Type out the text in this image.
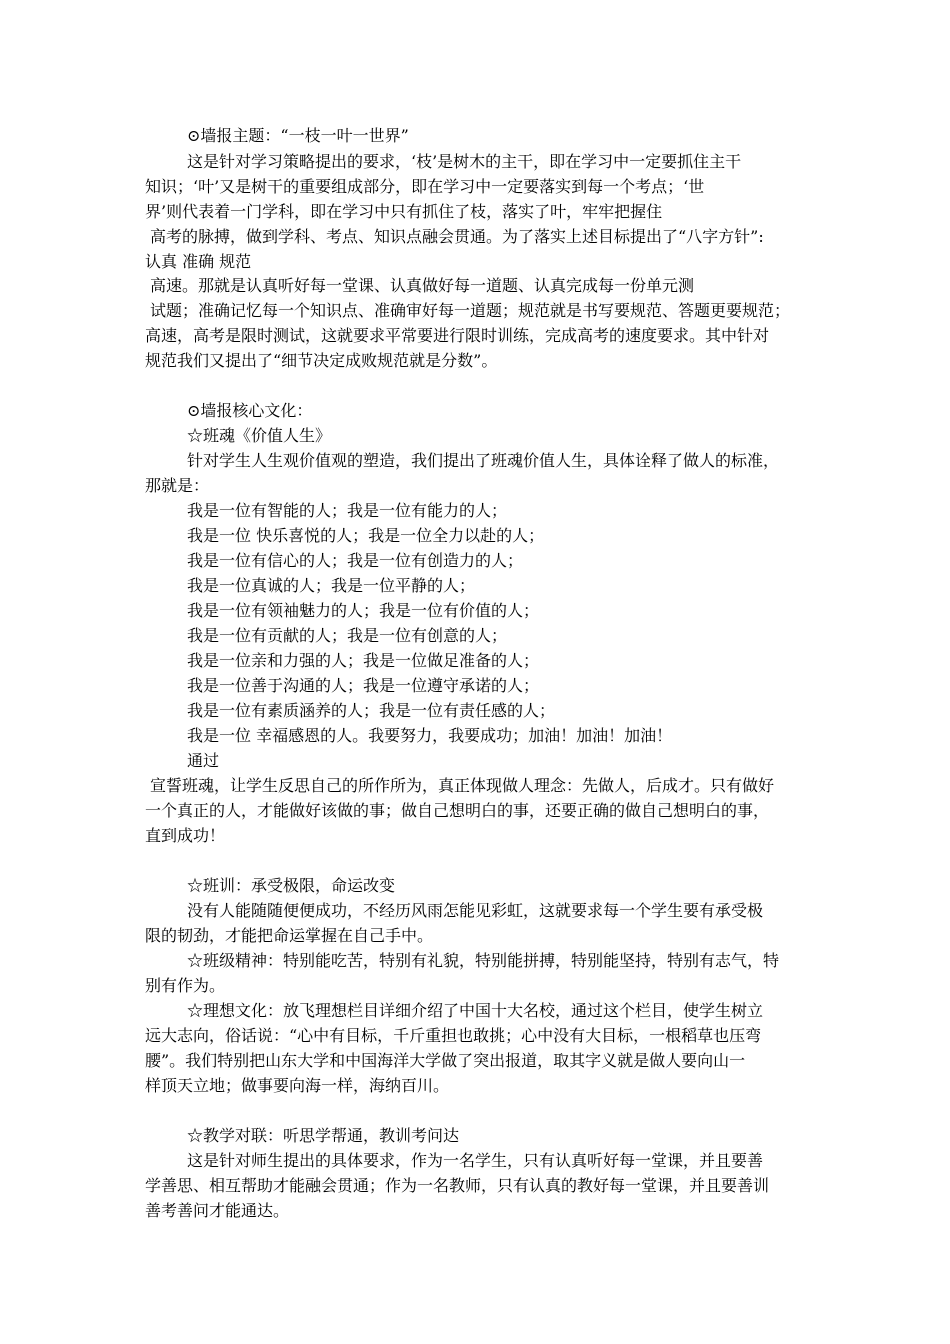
⊙墙报主题：“一枝一叶一世界”
这是针对学习策略提出的要求，‘枝’是树木的主干，即在学习中一定要抓住主干
知识；‘叶’又是树干的重要组成部分，即在学习中一定要落实到每一个考点；‘世
界’则代表着一门学科，即在学习中只有抓住了枝，落实了叶，牢牢把握住
高考的脉搏，做到学科、考点、知识点融会贯通。为了落实上述目标提出了“八字方针”:
认真 准确 规范
高速。那就是认真听好每一堂课、认真做好每一道题、认真完成每一份单元测
试题；准确记忆每一个知识点、准确审好每一道题；规范就是书写要规范、答题更要规范；
高速，高考是限时测试，这就要求平常要进行限时训练，完成高考的速度要求。其中针对
规范我们又提出了“细节决定成败规范就是分数”。
⊙墙报核心文化：
☆班魂《价值人生》
针对学生人生观价值观的塑造，我们提出了班魂价值人生，具体诠释了做人的标准，
那就是：
我是一位有智能的人；我是一位有能力的人；
我是一位 快乐喜悦的人；我是一位全力以赴的人；
我是一位有信心的人；我是一位有创造力的人；
我是一位真诚的人；我是一位平静的人；
我是一位有领袖魅力的人；我是一位有价值的人；
我是一位有贡献的人；我是一位有创意的人；
我是一位亲和力强的人；我是一位做足准备的人；
我是一位善于沟通的人；我是一位遵守承诺的人；
我是一位有素质涵养的人；我是一位有责任感的人；
我是一位 幸福感恩的人。我要努力，我要成功；加油！加油！加油！
通过
宣誓班魂，让学生反思自己的所作所为，真正体现做人理念：先做人，后成才。只有做好
一个真正的人，才能做好该做的事；做自己想明白的事，还要正确的做自己想明白的事，
直到成功！
☆班训：承受极限，命运改变
没有人能随随便便成功，不经历风雨怎能见彩虹，这就要求每一个学生要有承受极
限的韧劲，才能把命运掌握在自己手中。
☆班级精神：特别能吃苦，特别有礼貌，特别能拼搏，特别能坚持，特别有志气，特
别有作为。
☆理想文化：放飞理想栏目详细介绍了中国十大名校，通过这个栏目，使学生树立
远大志向，俗话说：“心中有目标，千斤重担也敢挑；心中没有大目标，一根稻草也压弯
腰”。我们特别把山东大学和中国海洋大学做了突出报道，取其字义就是做人要向山一
样顶天立地；做事要向海一样，海纳百川。
☆教学对联：听思学帮通，教训考问达
这是针对师生提出的具体要求，作为一名学生，只有认真听好每一堂课，并且要善
学善思、相互帮助才能融会贯通；作为一名教师，只有认真的教好每一堂课，并且要善训
善考善问才能通达。
